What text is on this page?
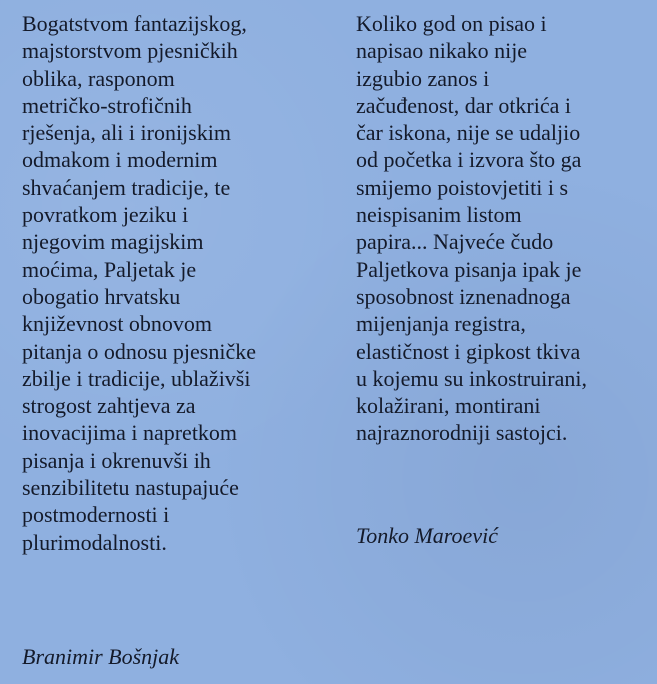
Bogatstvom fantazijskog,
majstorstvom pjesničkih
oblika, rasponom
metričko-strofičnih
rješenja, ali i ironijskim
odmakom i modernim
shvaćanjem tradicije, te
povratkom jeziku i
njegovim magijskim
moćima, Paljetak je
obogatio hrvatsku
književnost obnovom
pitanja o odnosu pjesničke
zbilje i tradicije, ublaživši
strogost zahtjeva za
inovacijima i napretkom
pisanja i okrenuvši ih
senzibilitetu nastupajuće
postmodernosti i
plurimodalnosti.
Koliko god on pisao i
napisao nikako nije
izgubio zanos i
začuđenost, dar otkrića i
čar iskona, nije se udaljio
od početka i izvora što ga
smijemo poistovjetiti i s
neispisanim listom
papira... Najveće čudo
Paljetkova pisanja ipak je
sposobnost iznenadnoga
mijenjanja registra,
elastičnost i gipkost tkiva
u kojemu su inkostruirani,
kolažirani, montirani
najraznorodniji sastojci.
Tonko Maroević
Branimir Bošnjak
